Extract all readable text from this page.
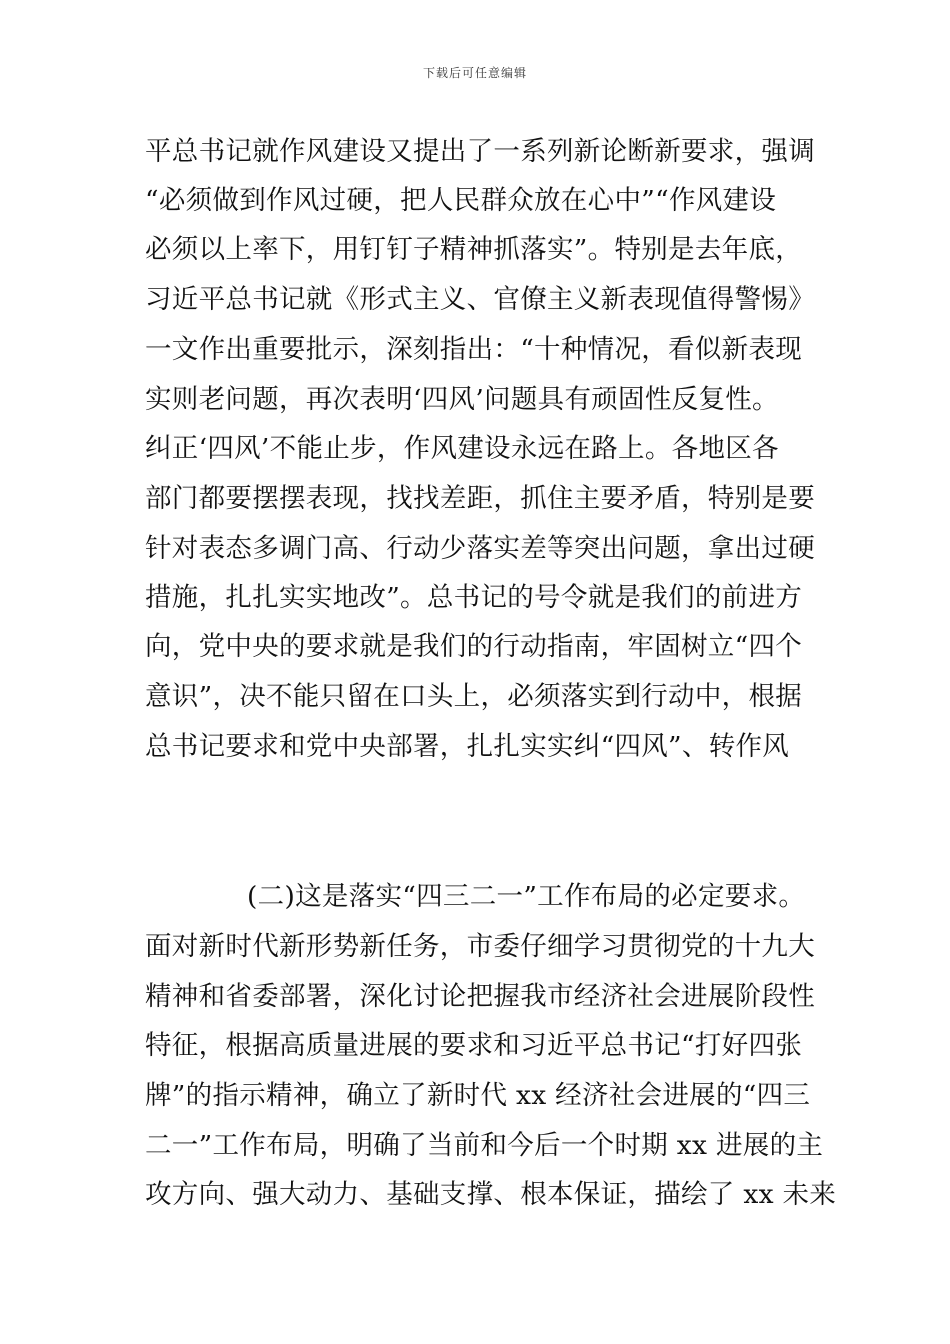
下载后可任意编辑
平总书记就作风建设又提出了一系列新论断新要求，强调
“必须做到作风过硬，把人民群众放在心中”“作风建设
必须以上率下，用钉钉子精神抓落实”。特别是去年底，
习近平总书记就《形式主义、官僚主义新表现值得警惕》
一文作出重要批示，深刻指出：“十种情况，看似新表现
实则老问题，再次表明‘四风’问题具有顽固性反复性。
纠正‘四风’不能止步，作风建设永远在路上。各地区各
部门都要摆摆表现，找找差距，抓住主要矛盾，特别是要
针对表态多调门高、行动少落实差等突出问题，拿出过硬
措施，扎扎实实地改”。总书记的号令就是我们的前进方
向，党中央的要求就是我们的行动指南，牢固树立“四个
意识”，决不能只留在口头上，必须落实到行动中，根据
总书记要求和党中央部署，扎扎实实纠“四风”、转作风
(二)这是落实“四三二一”工作布局的必定要求。
面对新时代新形势新任务，市委仔细学习贯彻党的十九大
精神和省委部署，深化讨论把握我市经济社会进展阶段性
特征，根据高质量进展的要求和习近平总书记“打好四张
牌”的指示精神，确立了新时代 xx 经济社会进展的“四三
二一”工作布局，明确了当前和今后一个时期 xx 进展的主
攻方向、强大动力、基础支撑、根本保证，描绘了 xx 未来
